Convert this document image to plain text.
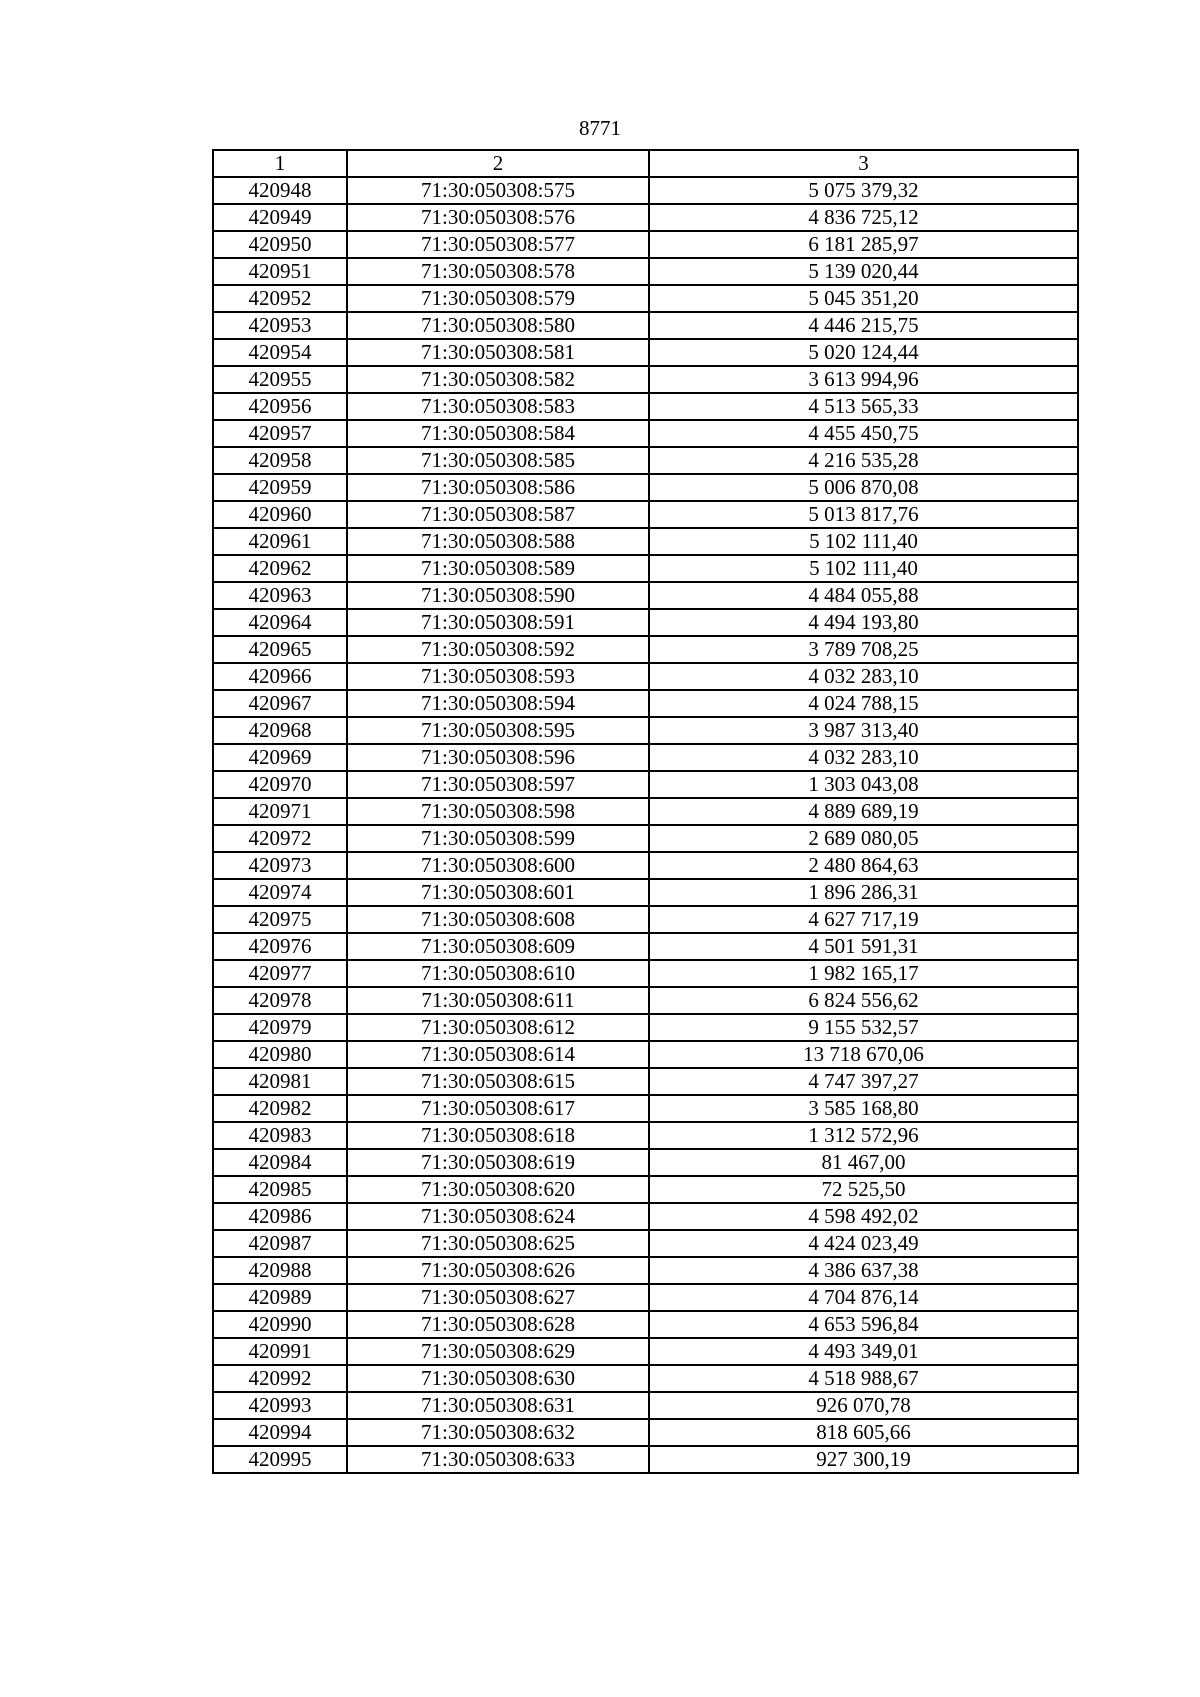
8771
1	2	3
420948	71:30:050308:575	5 075 379,32
420949	71:30:050308:576	4 836 725,12
420950	71:30:050308:577	6 181 285,97
420951	71:30:050308:578	5 139 020,44
420952	71:30:050308:579	5 045 351,20
420953	71:30:050308:580	4 446 215,75
420954	71:30:050308:581	5 020 124,44
420955	71:30:050308:582	3 613 994,96
420956	71:30:050308:583	4 513 565,33
420957	71:30:050308:584	4 455 450,75
420958	71:30:050308:585	4 216 535,28
420959	71:30:050308:586	5 006 870,08
420960	71:30:050308:587	5 013 817,76
420961	71:30:050308:588	5 102 111,40
420962	71:30:050308:589	5 102 111,40
420963	71:30:050308:590	4 484 055,88
420964	71:30:050308:591	4 494 193,80
420965	71:30:050308:592	3 789 708,25
420966	71:30:050308:593	4 032 283,10
420967	71:30:050308:594	4 024 788,15
420968	71:30:050308:595	3 987 313,40
420969	71:30:050308:596	4 032 283,10
420970	71:30:050308:597	1 303 043,08
420971	71:30:050308:598	4 889 689,19
420972	71:30:050308:599	2 689 080,05
420973	71:30:050308:600	2 480 864,63
420974	71:30:050308:601	1 896 286,31
420975	71:30:050308:608	4 627 717,19
420976	71:30:050308:609	4 501 591,31
420977	71:30:050308:610	1 982 165,17
420978	71:30:050308:611	6 824 556,62
420979	71:30:050308:612	9 155 532,57
420980	71:30:050308:614	13 718 670,06
420981	71:30:050308:615	4 747 397,27
420982	71:30:050308:617	3 585 168,80
420983	71:30:050308:618	1 312 572,96
420984	71:30:050308:619	81 467,00
420985	71:30:050308:620	72 525,50
420986	71:30:050308:624	4 598 492,02
420987	71:30:050308:625	4 424 023,49
420988	71:30:050308:626	4 386 637,38
420989	71:30:050308:627	4 704 876,14
420990	71:30:050308:628	4 653 596,84
420991	71:30:050308:629	4 493 349,01
420992	71:30:050308:630	4 518 988,67
420993	71:30:050308:631	926 070,78
420994	71:30:050308:632	818 605,66
420995	71:30:050308:633	927 300,19
